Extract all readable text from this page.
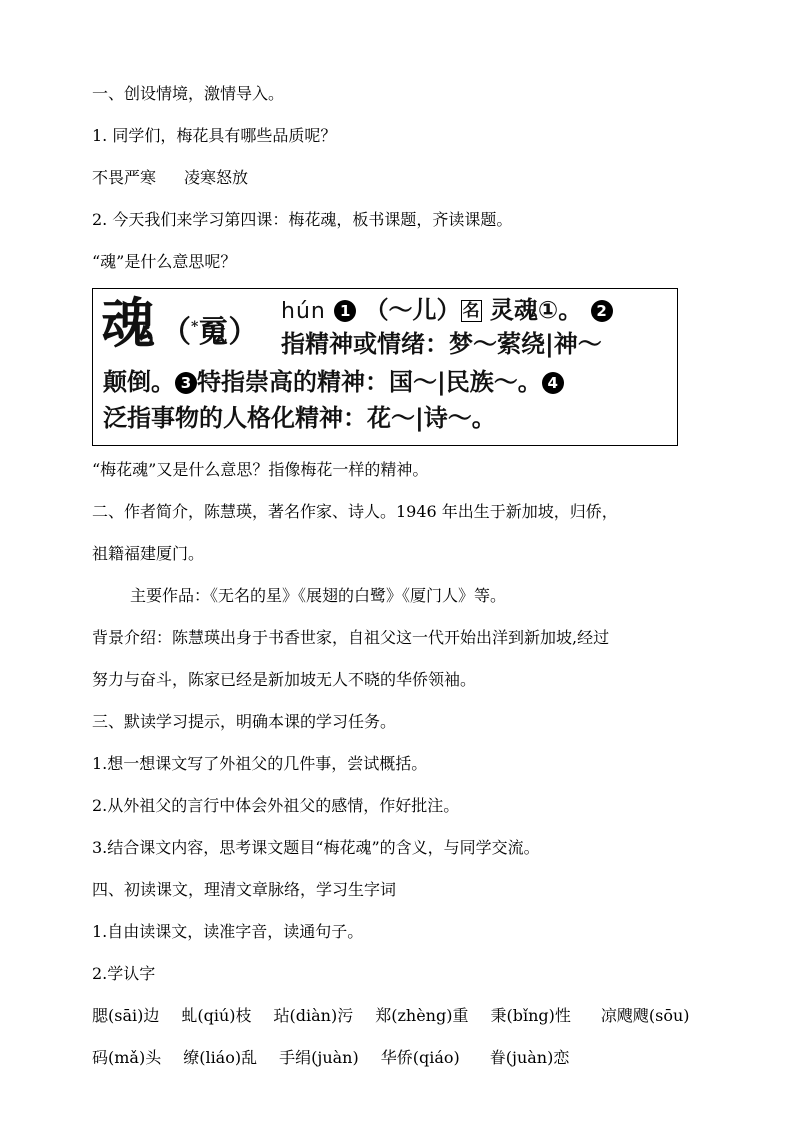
一、创设情境，激情导入。

1. 同学们，梅花具有哪些品质呢？

不畏严寒 凌寒怒放

2. 今天我们来学习第四课：梅花魂，板书课题，齐读课题。

“魂”是什么意思呢？

魂 （*䰟）
hún 1 （～儿） 名 灵魂①。 2
指精神或情绪：梦～萦绕|神～
颠倒。 3 特指崇高的精神：国～|民族～。 4
泛指事物的人格化精神：花～|诗～。

“梅花魂”又是什么意思？指像梅花一样的精神。

二、作者简介，陈慧瑛，著名作家、诗人。1946 年出生于新加坡，归侨，

祖籍福建厦门。

主要作品：《无名的星》《展翅的白鹭》《厦门人》等。

背景介绍：陈慧瑛出身于书香世家，自祖父这一代开始出洋到新加坡,经过

努力与奋斗，陈家已经是新加坡无人不晓的华侨领袖。

三、默读学习提示，明确本课的学习任务。

1.想一想课文写了外祖父的几件事，尝试概括。

2.从外祖父的言行中体会外祖父的感情，作好批注。

3.结合课文内容，思考课文题目“梅花魂”的含义，与同学交流。

四、初读课文，理清文章脉络，学习生字词

1.自由读课文，读准字音，读通句子。

2.学认字

腮(sāi)边 虬(qiú)枝 玷(diàn)污 郑(zhèng)重 秉(bǐng)性 凉飕飕(sōu)

码(mǎ)头 缭(liáo)乱 手绢(juàn) 华侨(qiáo) 眷(juàn)恋
